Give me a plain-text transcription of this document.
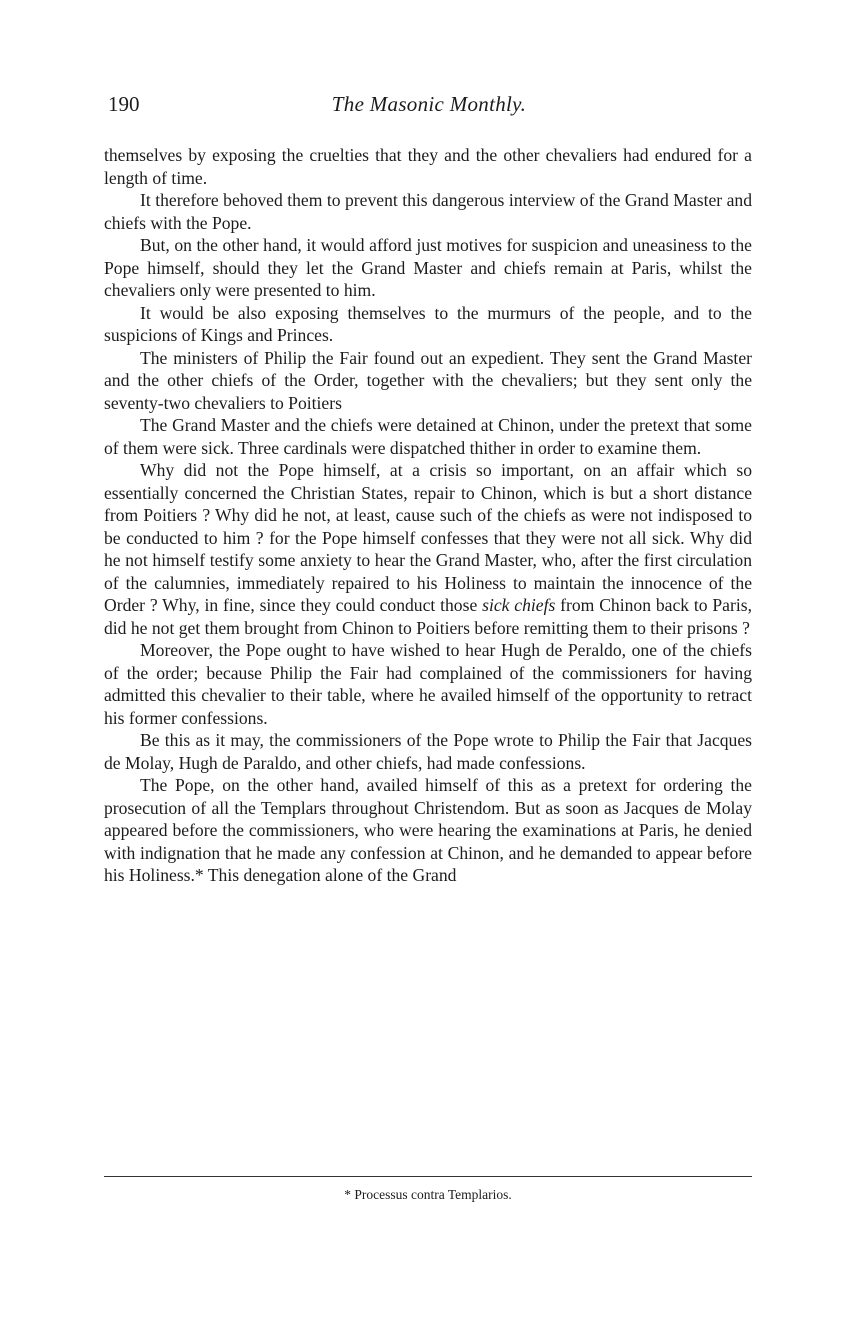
190	The Masonic Monthly.

themselves by exposing the cruelties that they and the other chevaliers had endured for a length of time.

It therefore behoved them to prevent this dangerous interview of the Grand Master and chiefs with the Pope.

But, on the other hand, it would afford just motives for suspicion and uneasiness to the Pope himself, should they let the Grand Master and chiefs remain at Paris, whilst the chevaliers only were presented to him.

It would be also exposing themselves to the murmurs of the people, and to the suspicions of Kings and Princes.

The ministers of Philip the Fair found out an expedient. They sent the Grand Master and the other chiefs of the Order, together with the chevaliers; but they sent only the seventy-two chevaliers to Poitiers

The Grand Master and the chiefs were detained at Chinon, under the pretext that some of them were sick. Three cardinals were dispatched thither in order to examine them.

Why did not the Pope himself, at a crisis so important, on an affair which so essentially concerned the Christian States, repair to Chinon, which is but a short distance from Poitiers ? Why did he not, at least, cause such of the chiefs as were not indisposed to be conducted to him ? for the Pope himself confesses that they were not all sick. Why did he not himself testify some anxiety to hear the Grand Master, who, after the first circulation of the calumnies, immediately repaired to his Holiness to maintain the innocence of the Order ? Why, in fine, since they could conduct those sick chiefs from Chinon back to Paris, did he not get them brought from Chinon to Poitiers before remitting them to their prisons ?

Moreover, the Pope ought to have wished to hear Hugh de Peraldo, one of the chiefs of the order; because Philip the Fair had complained of the commissioners for having admitted this chevalier to their table, where he availed himself of the opportunity to retract his former confessions.

Be this as it may, the commissioners of the Pope wrote to Philip the Fair that Jacques de Molay, Hugh de Paraldo, and other chiefs, had made confessions.

The Pope, on the other hand, availed himself of this as a pretext for ordering the prosecution of all the Templars throughout Christendom. But as soon as Jacques de Molay appeared before the commissioners, who were hearing the examinations at Paris, he denied with indignation that he made any confession at Chinon, and he demanded to appear before his Holiness.* This denegation alone of the Grand

* Processus contra Templarios.
